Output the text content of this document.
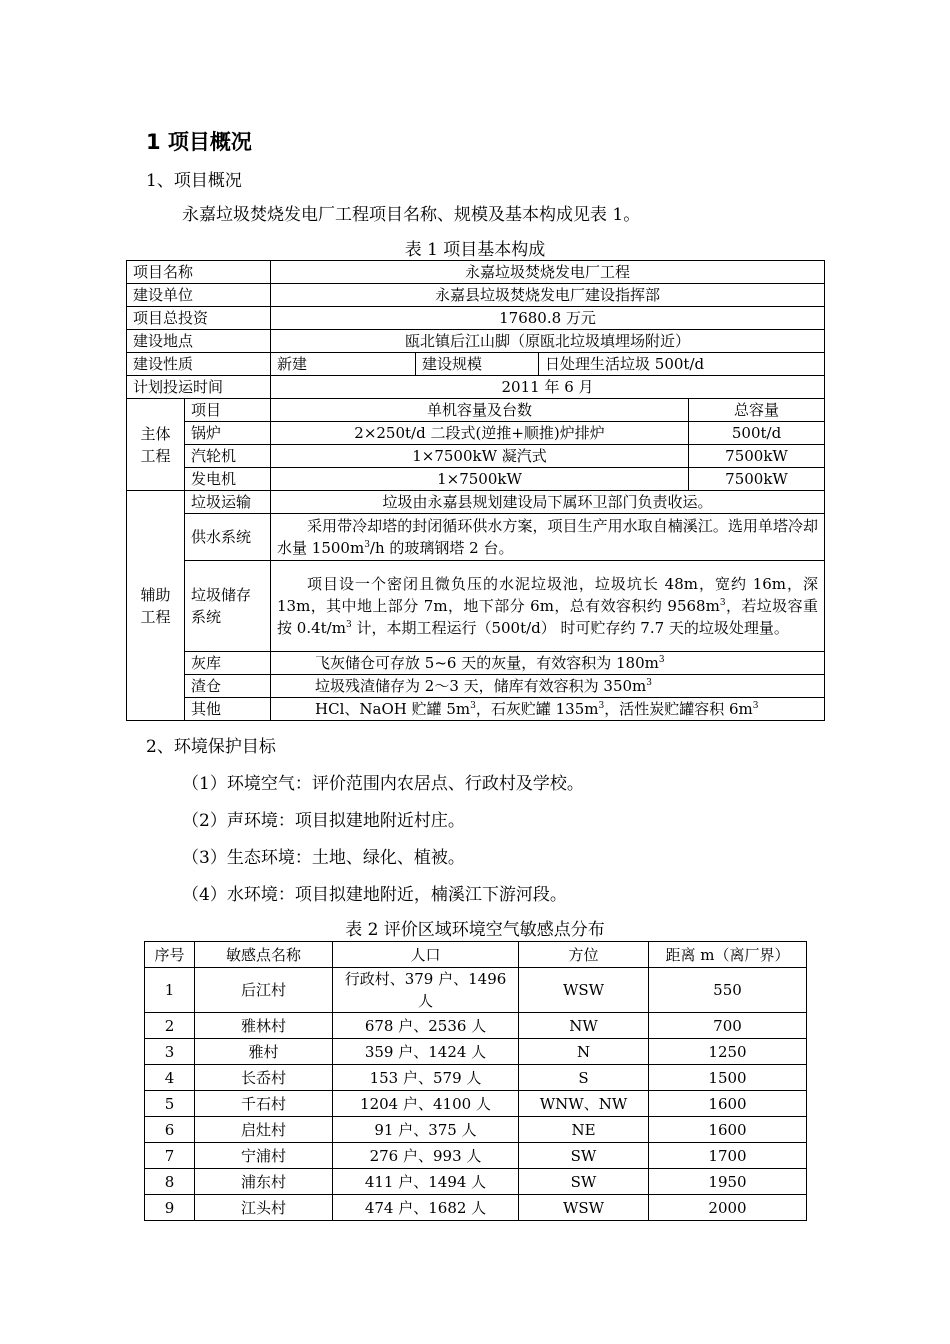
1 项目概况
1、项目概况
永嘉垃圾焚烧发电厂工程项目名称、规模及基本构成见表 1。
表 1 项目基本构成
项目名称		永嘉垃圾焚烧发电厂工程			
建设单位		永嘉县垃圾焚烧发电厂建设指挥部			
项目总投资		17680.8 万元			
建设地点		瓯北镇后江山脚（原瓯北垃圾填埋场附近）			
建设性质		新建	建设规模	日处理生活垃圾 500t/d	
计划投运时间		2011 年 6 月			
主体工程	项目	单机容量及台数			总容量
	锅炉	2×250t/d 二段式(逆推+顺推)炉排炉			500t/d
	汽轮机	1×7500kW 凝汽式			7500kW
	发电机	1×7500kW			7500kW
辅助工程	垃圾运输	垃圾由永嘉县规划建设局下属环卫部门负责收运。			
	供水系统	采用带冷却塔的封闭循环供水方案，项目生产用水取自楠溪江。选用单塔冷却水量 $1500m^3/h$ 的玻璃钢塔 2 台。			
	垃圾储存系统	项目设一个密闭且微负压的水泥垃圾池，垃圾坑长 48m，宽约 16m，深 13m，其中地上部分 7m，地下部分 6m，总有效容积约 $9568m^3$，若垃圾容重按 $0.4t/m^3$ 计，本期工程运行（500t/d） 时可贮存约 7.7 天的垃圾处理量。			
	灰库	飞灰储仓可存放 5~6 天的灰量，有效容积为 $180m^3$
	渣仓	垃圾残渣储存为 2～3 天，储库有效容积为 $350m^3$
	其他	HCl、NaOH 贮罐 $5m^3$，石灰贮罐 $135m^3$，活性炭贮罐容积 $6m^3$
2、环境保护目标
（1）环境空气：评价范围内农居点、行政村及学校。
（2）声环境：项目拟建地附近村庄。
（3）生态环境：土地、绿化、植被。
（4）水环境：项目拟建地附近，楠溪江下游河段。
表 2 评价区域环境空气敏感点分布
序号	敏感点名称	人口	方位	距离 m（离厂界）
1	后江村	行政村、379 户、1496 人	WSW	550
2	雅林村	678 户、2536 人	NW	700
3	雅村	359 户、1424 人	N	1250
4	长岙村	153 户、579 人	S	1500
5	千石村	1204 户、4100 人	WNW、NW	1600
6	启灶村	91 户、375 人	NE	1600
7	宁浦村	276 户、993 人	SW	1700
8	浦东村	411 户、1494 人	SW	1950
9	江头村	474 户、1682 人	WSW	2000
